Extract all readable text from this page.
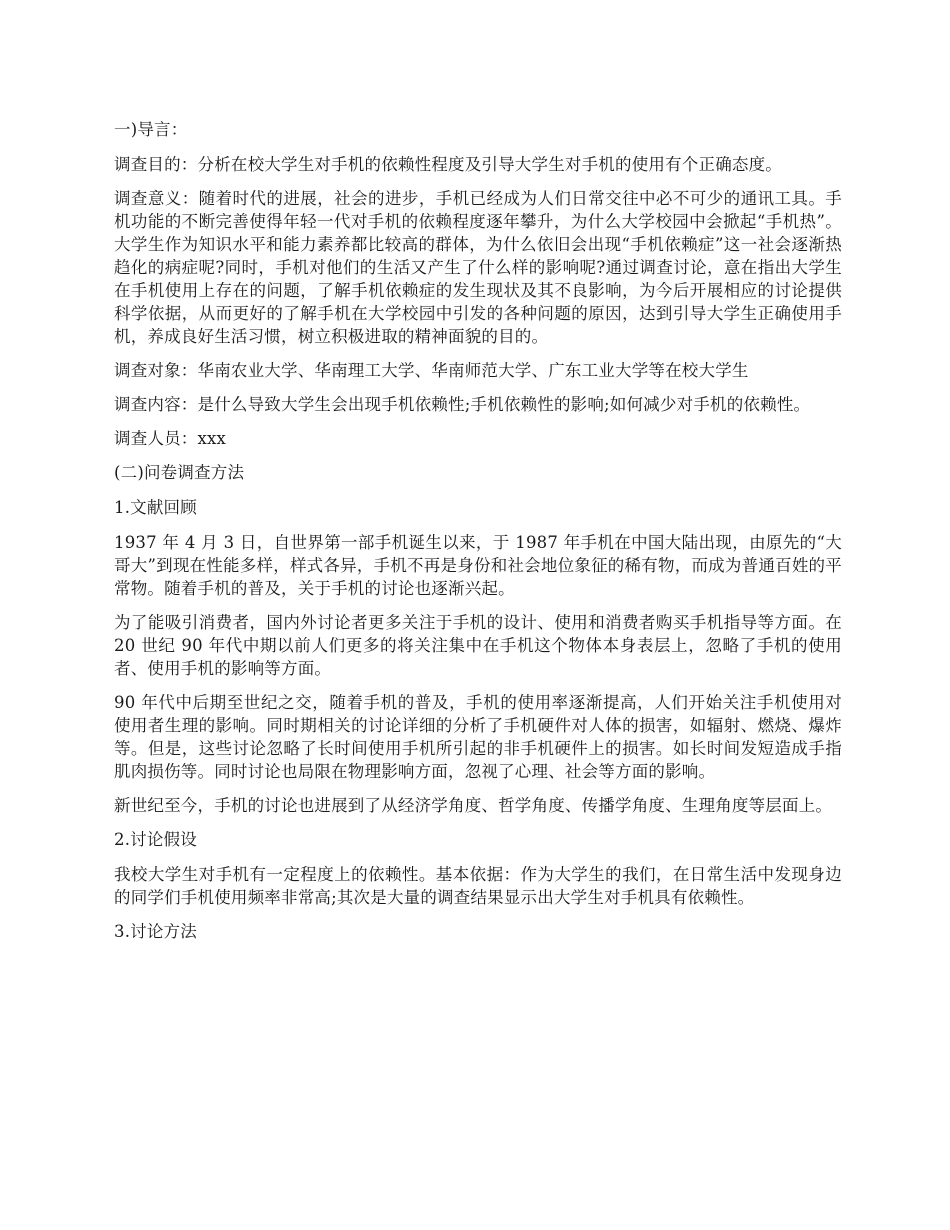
一)导言：

调查目的：分析在校大学生对手机的依赖性程度及引导大学生对手机的使用有个正确态度。

调查意义：随着时代的进展，社会的进步，手机已经成为人们日常交往中必不可少的通讯工具。手机功能的不断完善使得年轻一代对手机的依赖程度逐年攀升，为什么大学校园中会掀起“手机热”。大学生作为知识水平和能力素养都比较高的群体，为什么依旧会出现“手机依赖症”这一社会逐渐热趋化的病症呢?同时，手机对他们的生活又产生了什么样的影响呢?通过调查讨论，意在指出大学生在手机使用上存在的问题，了解手机依赖症的发生现状及其不良影响，为今后开展相应的讨论提供科学依据，从而更好的了解手机在大学校园中引发的各种问题的原因，达到引导大学生正确使用手机，养成良好生活习惯，树立积极进取的精神面貌的目的。

调查对象：华南农业大学、华南理工大学、华南师范大学、广东工业大学等在校大学生

调查内容：是什么导致大学生会出现手机依赖性;手机依赖性的影响;如何减少对手机的依赖性。

调查人员：xxx

(二)问卷调查方法

1.文献回顾

1937 年 4 月 3 日，自世界第一部手机诞生以来，于 1987 年手机在中国大陆出现，由原先的“大哥大”到现在性能多样，样式各异，手机不再是身份和社会地位象征的稀有物，而成为普通百姓的平常物。随着手机的普及，关于手机的讨论也逐渐兴起。

为了能吸引消费者，国内外讨论者更多关注于手机的设计、使用和消费者购买手机指导等方面。在 20 世纪 90 年代中期以前人们更多的将关注集中在手机这个物体本身表层上，忽略了手机的使用者、使用手机的影响等方面。

90 年代中后期至世纪之交，随着手机的普及，手机的使用率逐渐提高，人们开始关注手机使用对使用者生理的影响。同时期相关的讨论详细的分析了手机硬件对人体的损害，如辐射、燃烧、爆炸等。但是，这些讨论忽略了长时间使用手机所引起的非手机硬件上的损害。如长时间发短造成手指肌肉损伤等。同时讨论也局限在物理影响方面，忽视了心理、社会等方面的影响。

新世纪至今，手机的讨论也进展到了从经济学角度、哲学角度、传播学角度、生理角度等层面上。

2.讨论假设

我校大学生对手机有一定程度上的依赖性。基本依据：作为大学生的我们，在日常生活中发现身边的同学们手机使用频率非常高;其次是大量的调查结果显示出大学生对手机具有依赖性。

3.讨论方法
